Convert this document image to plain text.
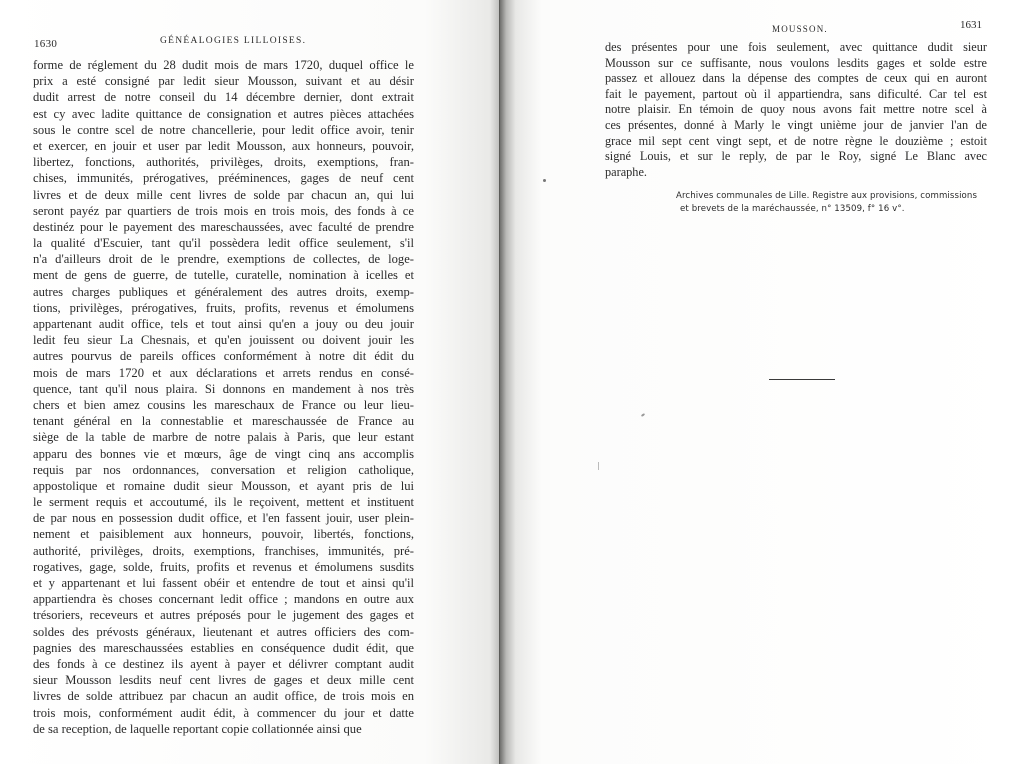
1630	GÉNÉALOGIES LILLOISES.
forme de réglement du 28 dudit mois de mars 1720, duquel office le
prix a esté consigné par ledit sieur Mousson, suivant et au désir
dudit arrest de notre conseil du 14 décembre dernier, dont extrait
est cy avec ladite quittance de consignation et autres pièces attachées
sous le contre scel de notre chancellerie, pour ledit office avoir, tenir
et exercer, en jouir et user par ledit Mousson, aux honneurs, pouvoir,
libertez, fonctions, authorités, privilèges, droits, exemptions, fran-
chises, immunités, prérogatives, prééminences, gages de neuf cent
livres et de deux mille cent livres de solde par chacun an, qui lui
seront payéz par quartiers de trois mois en trois mois, des fonds à ce
destinéz pour le payement des mareschaussées, avec faculté de prendre
la qualité d'Escuier, tant qu'il possèdera ledit office seulement, s'il
n'a d'ailleurs droit de le prendre, exemptions de collectes, de loge-
ment de gens de guerre, de tutelle, curatelle, nomination à icelles et
autres charges publiques et généralement des autres droits, exemp-
tions, privilèges, prérogatives, fruits, profits, revenus et émolumens
appartenant audit office, tels et tout ainsi qu'en a jouy ou deu jouir
ledit feu sieur La Chesnais, et qu'en jouissent ou doivent jouir les
autres pourvus de pareils offices conformément à notre dit édit du
mois de mars 1720 et aux déclarations et arrets rendus en consé-
quence, tant qu'il nous plaira. Si donnons en mandement à nos très
chers et bien amez cousins les mareschaux de France ou leur lieu-
tenant général en la connestablie et mareschaussée de France au
siège de la table de marbre de notre palais à Paris, que leur estant
apparu des bonnes vie et mœurs, âge de vingt cinq ans accomplis
requis par nos ordonnances, conversation et religion catholique,
appostolique et romaine dudit sieur Mousson, et ayant pris de lui
le serment requis et accoutumé, ils le reçoivent, mettent et instituent
de par nous en possession dudit office, et l'en fassent jouir, user plein-
nement et paisiblement aux honneurs, pouvoir, libertés, fonctions,
authorité, privilèges, droits, exemptions, franchises, immunités, pré-
rogatives, gage, solde, fruits, profits et revenus et émolumens susdits
et y appartenant et lui fassent obéir et entendre de tout et ainsi qu'il
appartiendra ès choses concernant ledit office ; mandons en outre aux
trésoriers, receveurs et autres préposés pour le jugement des gages et
soldes des prévosts généraux, lieutenant et autres officiers des com-
pagnies des mareschaussées establies en conséquence dudit édit, que
des fonds à ce destinez ils ayent à payer et délivrer comptant audit
sieur Mousson lesdits neuf cent livres de gages et deux mille cent
livres de solde attribuez par chacun an audit office, de trois mois en
trois mois, conformément audit édit, à commencer du jour et datte
de sa reception, de laquelle reportant copie collationnée ainsi que
MOUSSON.	1631
des présentes pour une fois seulement, avec quittance dudit sieur
Mousson sur ce suffisante, nous voulons lesdits gages et solde estre
passez et allouez dans la dépense des comptes de ceux qui en auront
fait le payement, partout où il appartiendra, sans dificulté. Car tel est
notre plaisir. En témoin de quoy nous avons fait mettre notre scel à
ces présentes, donné à Marly le vingt unième jour de janvier l'an de
grace mil sept cent vingt sept, et de notre règne le douzième ; estoit
signé Louis, et sur le reply, de par le Roy, signé Le Blanc avec
paraphe.
Archives communales de Lille. Registre aux provisions, commissions
et brevets de la maréchaussée, n° 13509, f° 16 v°.
